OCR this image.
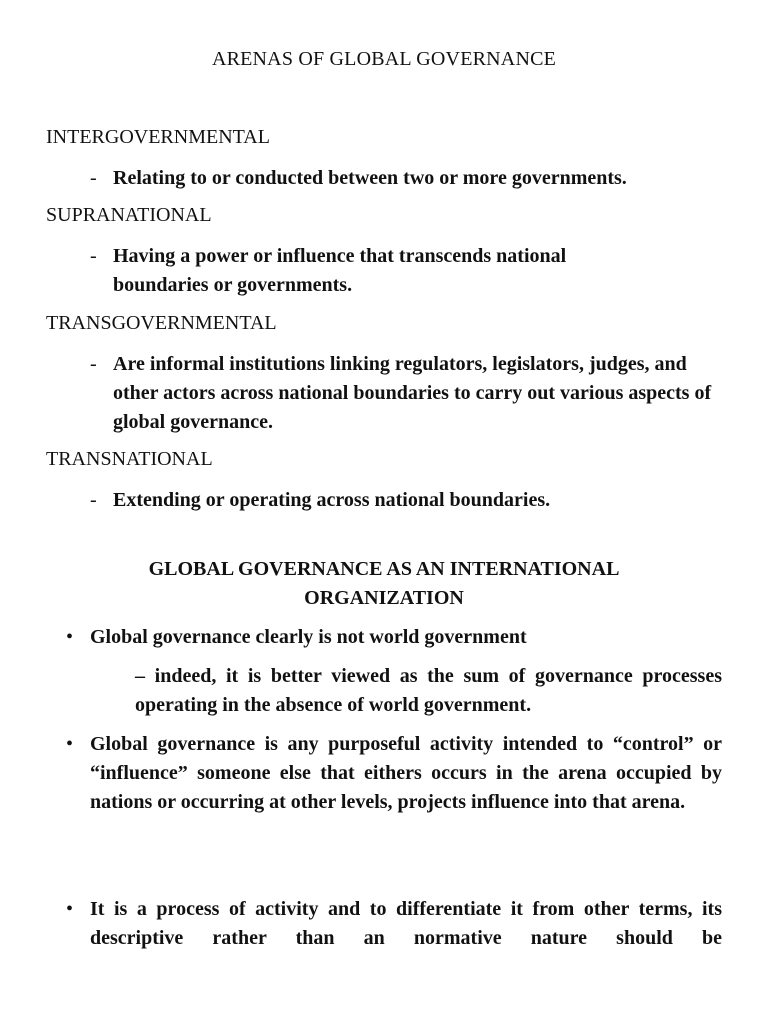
ARENAS OF GLOBAL GOVERNANCE
INTERGOVERNMENTAL
- Relating to or conducted between two or more governments.
SUPRANATIONAL
- Having a power or influence that transcends national boundaries or governments.
TRANSGOVERNMENTAL
- Are informal institutions linking regulators, legislators, judges, and other actors across national boundaries to carry out various aspects of global governance.
TRANSNATIONAL
- Extending or operating across national boundaries.
GLOBAL GOVERNANCE AS AN INTERNATIONAL
ORGANIZATION
• Global governance clearly is not world government
– indeed, it is better viewed as the sum of governance processes operating in the absence of world government.
• Global governance is any purposeful activity intended to “control” or “influence” someone else that eithers occurs in the arena occupied by nations or occurring at other levels, projects influence into that arena.
• It is a process of activity and to differentiate it from other terms, its descriptive rather than an normative nature should be
